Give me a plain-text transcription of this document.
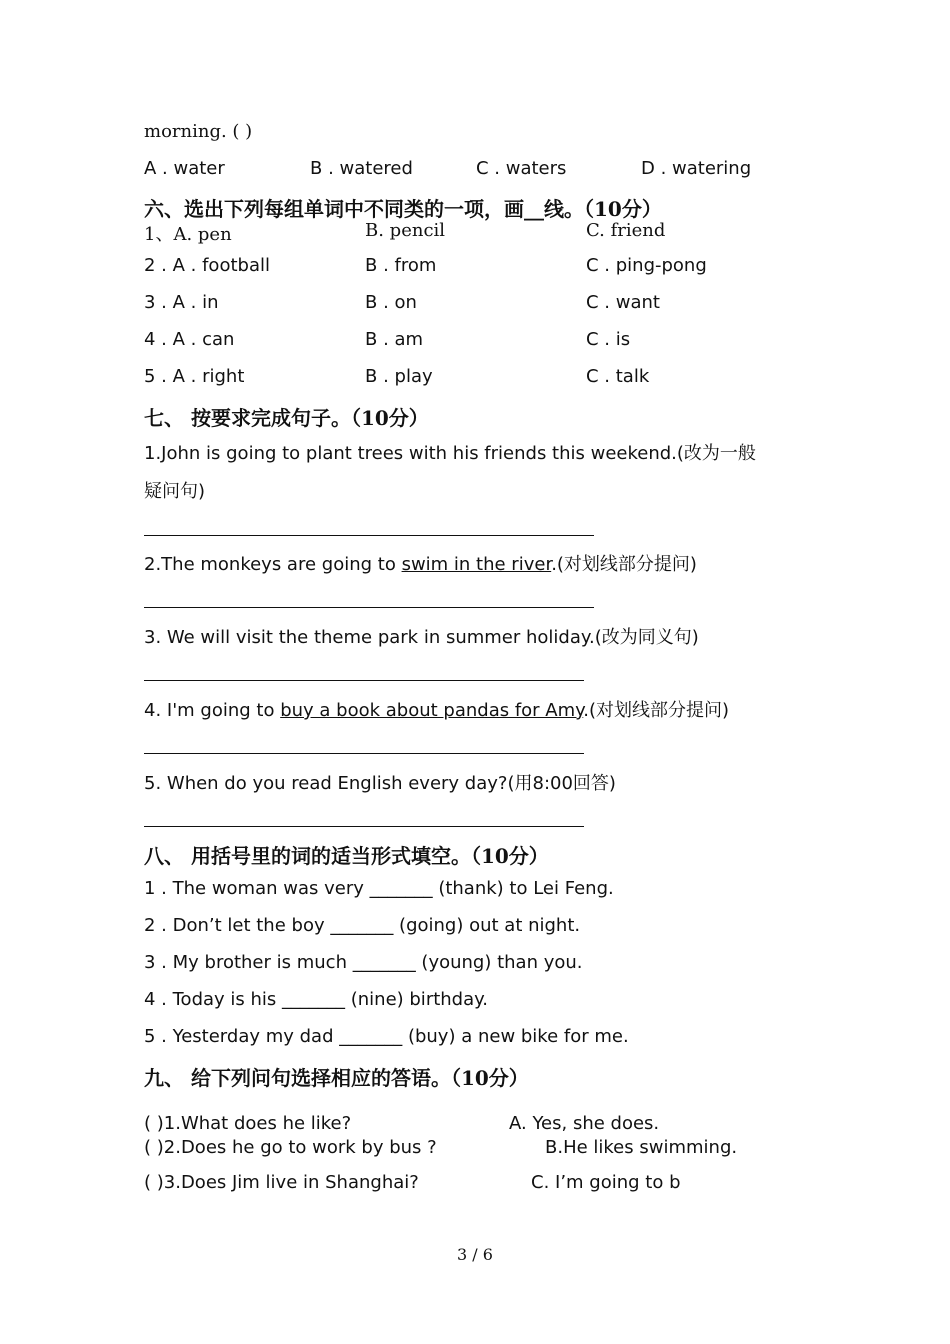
morning. ( )
A . water	B . watered	C . waters	D . watering
六、选出下列每组单词中不同类的一项，画__线。（10分）
1、A. pen	B. pencil	C. friend
2 . A . football	B . from	C . ping-pong
3 . A . in	B . on	C . want
4 . A . can	B . am	C . is
5 . A . right	B . play	C . talk
七、 按要求完成句子。（10分）
1.John is going to plant trees with his friends this weekend.(改为一般
疑问句)
2.The monkeys are going to swim in the river.(对划线部分提问)
3. We will visit the theme park in summer holiday.(改为同义句)
4. I'm going to buy a book about pandas for Amy.(对划线部分提问)
5. When do you read English every day?(用8:00回答)
八、 用括号里的词的适当形式填空。（10分）
1 . The woman was very _______ (thank) to Lei Feng.
2 . Don’t let the boy _______ (going) out at night.
3 . My brother is much _______ (young) than you.
4 . Today is his _______ (nine) birthday.
5 . Yesterday my dad _______ (buy) a new bike for me.
九、 给下列问句选择相应的答语。（10分）
( )1.What does he like?	A. Yes, she does.
( )2.Does he go to work by bus ?	B.He likes swimming.
( )3.Does Jim live in Shanghai?	C. I’m going to b
3 / 6
